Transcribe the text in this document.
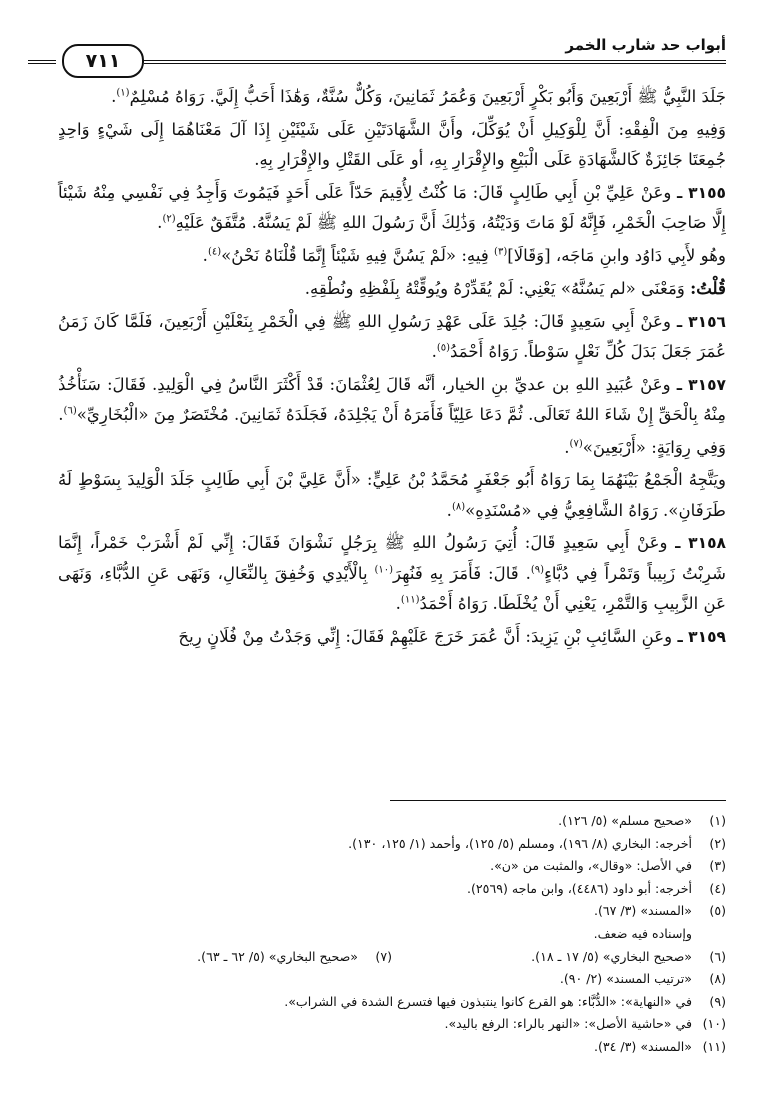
أبواب حد شارب الخمر
٧١١

جَلَدَ النَّبِيُّ ﷺ أَرْبَعِينَ وَأَبُو بَكْرٍ أَرْبَعِينَ وَعُمَرُ ثَمَانِينَ، وَكُلٌّ سُنَّةٌ، وَهَٰذَا أَحَبُّ إِلَيَّ. رَوَاهُ مُسْلِمٌ$^{(١)}$.

وَفِيهِ مِنَ الْفِقْهِ: أَنَّ لِلْوَكِيلِ أَنْ يُوَكِّلَ، وأَنَّ الشَّهَادَتَيْنِ عَلَى شَيْئَيْنِ إِذَا آلَ مَعْنَاهُمَا إِلَى شَيْءٍ وَاحِدٍ جُمِعَتَا جَائِزَةٌ كَالشَّهَادَةِ عَلَى الْبَيْعِ والإِقْرَارِ بِهِ، أو عَلَى القَتْلِ والإِقْرَارِ بِهِ.

٣١٥٥ ـ وعَنْ عَلِيِّ بْنِ أَبِي طَالِبٍ قَالَ: مَا كُنْتُ لِأُقِيمَ حَدّاً عَلَى أَحَدٍ فَيَمُوتَ وَأَجِدُ فِي نَفْسِي مِنْهُ شَيْئاً إِلَّا صَاحِبَ الْخَمْرِ، فَإِنَّهُ لَوْ مَاتَ وَدَيْتُهُ، وَذَٰلِكَ أَنَّ رَسُولَ اللهِ ﷺ لَمْ يَسُنَّهُ. مُتَّفَقٌ عَلَيْهِ$^{(٢)}$.

وهُو لأَبِي دَاوُد وابنِ مَاجَه، [وَقَالَا]$^{(٣)}$ فِيهِ: «لَمْ يَسُنَّ فِيهِ شَيْئاً إِنَّمَا قُلْنَاهُ نَحْنُ»$^{(٤)}$.

قُلْتُ: وَمَعْنَى «لم يَسُنَّهُ» يَعْنِي: لَمْ يُقَدِّرْهُ ويُوقِّتْهُ بِلَفْظِهِ ونُطْقِهِ.

٣١٥٦ ـ وعَنْ أَبِي سَعِيدٍ قَالَ: جُلِدَ عَلَى عَهْدِ رَسُولِ اللهِ ﷺ فِي الْخَمْرِ بِنَعْلَيْنِ أَرْبَعِينَ، فَلَمَّا كَانَ زَمَنُ عُمَرَ جَعَلَ بَدَلَ كُلِّ نَعْلٍ سَوْطاً. رَوَاهُ أَحْمَدُ$^{(٥)}$.

٣١٥٧ ـ وعَنْ عُبَيدِ اللهِ بن عديِّ بنِ الخيار، أنَّه قَالَ لِعُثْمَانَ: قَدْ أَكْثَرَ النَّاسُ فِي الْوَلِيدِ. فَقَالَ: سَنَأْخُذُ مِنْهُ بِالْحَقِّ إِنْ شَاءَ اللهُ تَعَالَى. ثُمَّ دَعَا عَلِيّاً فَأَمَرَهُ أَنْ يَجْلِدَهُ، فَجَلَدَهُ ثَمَانِينَ. مُخْتَصَرٌ مِنَ «الْبُخَارِيِّ»$^{(٦)}$.

وَفِي رِوَايَةٍ: «أَرْبَعِينَ»$^{(٧)}$.

ويَتَّجِهُ الْجَمْعُ بَيْنَهُمَا بِمَا رَوَاهُ أَبُو جَعْفَرٍ مُحَمَّدُ بْنُ عَلِيٍّ: «أَنَّ عَلِيَّ بْنَ أَبِي طَالِبٍ جَلَدَ الْوَلِيدَ بِسَوْطٍ لَهُ طَرَفَانِ». رَوَاهُ الشَّافِعِيُّ فِي «مُسْنَدِهِ»$^{(٨)}$.

٣١٥٨ ـ وعَنْ أَبِي سَعِيدٍ قَالَ: أُتِيَ رَسُولُ اللهِ ﷺ بِرَجُلٍ نَشْوَانَ فَقَالَ: إِنِّي لَمْ أَشْرَبْ خَمْراً، إِنَّمَا شَرِبْتُ زَبِيباً وَتَمْراً فِي دُبَّاءٍ$^{(٩)}$. قَالَ: فَأَمَرَ بِهِ فَنُهِرَ$^{(١٠)}$ بِالْأَيْدِي وَخُفِقَ بِالنِّعَالِ، وَنَهَى عَنِ الدُّبَّاءِ، وَنَهَى عَنِ الزَّبِيبِ وَالتَّمْرِ، يَعْنِي أَنْ يُخْلَطَا. رَوَاهُ أَحْمَدُ$^{(١١)}$.

٣١٥٩ ـ وعَنِ السَّائِبِ بْنِ يَزِيدَ: أَنَّ عُمَرَ خَرَجَ عَلَيْهِمْ فَقَالَ: إِنِّي وَجَدْتُ مِنْ فُلَانٍ رِيحَ

(١)
«صحيح مسلم» (٥/ ١٢٦).
(٢)
أخرجه: البخاري (٨/ ١٩٦)، ومسلم (٥/ ١٢٥)، وأحمد (١/ ١٢٥، ١٣٠).
(٣)
في الأصل: «وقال»، والمثبت من «ن».
(٤)
أخرجه: أبو داود (٤٤٨٦)، وابن ماجه (٢٥٦٩).
(٥)
«المسند» (٣/ ٦٧).
وإسناده فيه ضعف.
(٦)
«صحيح البخاري» (٥/ ١٧ ـ ١٨).
(٧)
«صحيح البخاري» (٥/ ٦٢ ـ ٦٣).
(٨)
«ترتيب المسند» (٢/ ٩٠).
(٩)
في «النهاية»: «الدُّبَّاء: هو القرع كانوا ينتبذون فيها فتسرع الشدة في الشراب».
(١٠)
في «حاشية الأصل»: «النهر بالراء: الرفع باليد».
(١١)
«المسند» (٣/ ٣٤).
